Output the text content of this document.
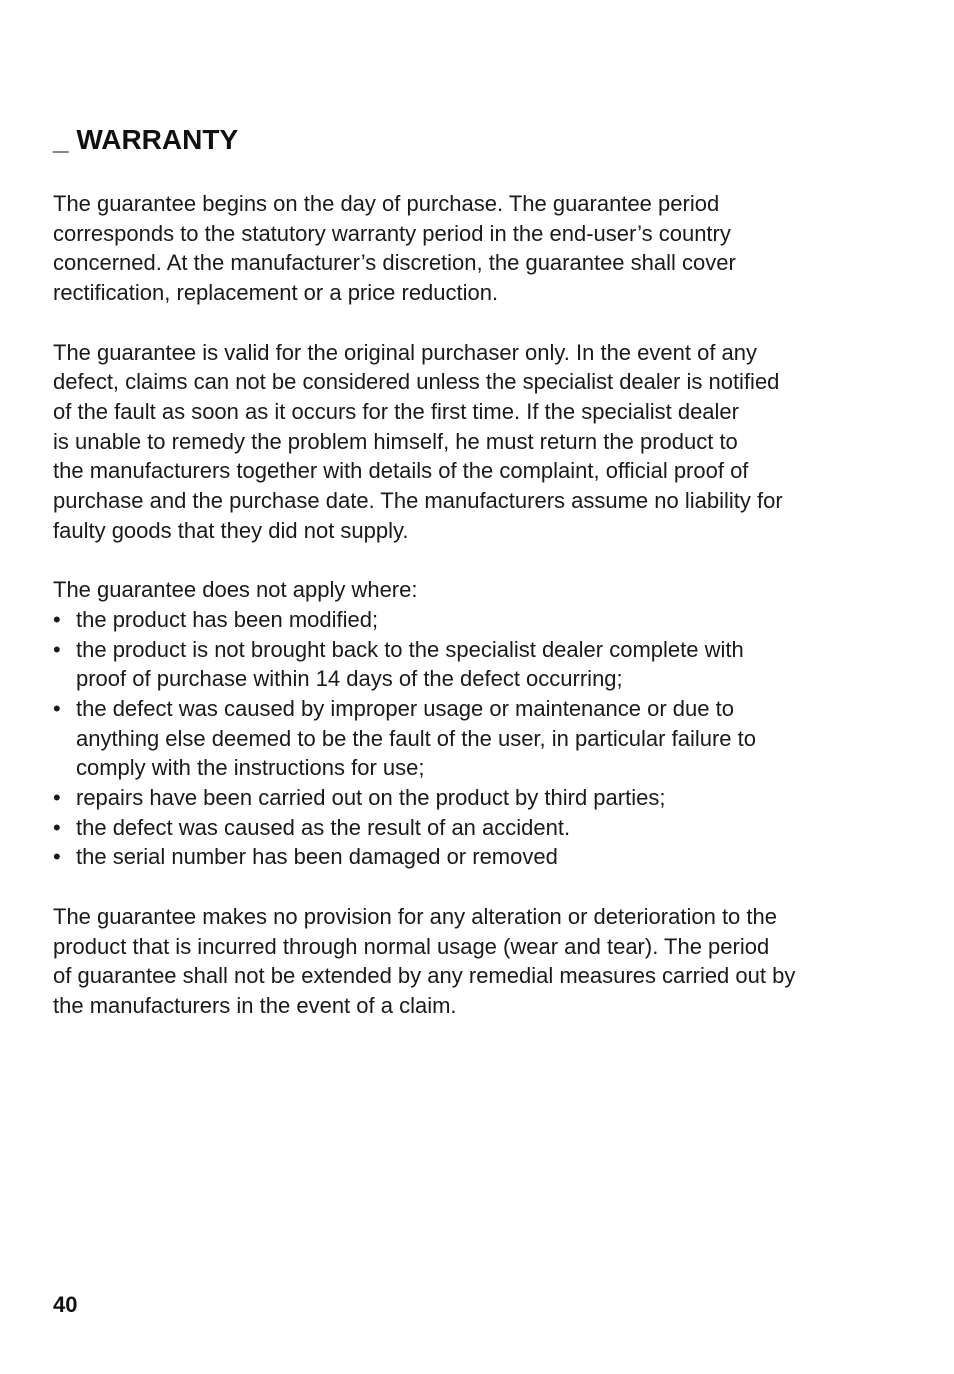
_ WARRANTY

The guarantee begins on the day of purchase. The guarantee period
corresponds to the statutory warranty period in the end-user’s country
concerned. At the manufacturer’s discretion, the guarantee shall cover
rectification, replacement or a price reduction.

The guarantee is valid for the original purchaser only. In the event of any
defect, claims can not be considered unless the specialist dealer is notified
of the fault as soon as it occurs for the first time. If the specialist dealer
is unable to remedy the problem himself, he must return the product to
the manufacturers together with details of the complaint, official proof of
purchase and the purchase date. The manufacturers assume no liability for
faulty goods that they did not supply.

The guarantee does not apply where:

• the product has been modified;
• the product is not brought back to the specialist dealer complete with
proof of purchase within 14 days of the defect occurring;
• the defect was caused by improper usage or maintenance or due to
anything else deemed to be the fault of the user, in particular failure to
comply with the instructions for use;
• repairs have been carried out on the product by third parties;
• the defect was caused as the result of an accident.
• the serial number has been damaged or removed

The guarantee makes no provision for any alteration or deterioration to the
product that is incurred through normal usage (wear and tear). The period
of guarantee shall not be extended by any remedial measures carried out by
the manufacturers in the event of a claim.

40
